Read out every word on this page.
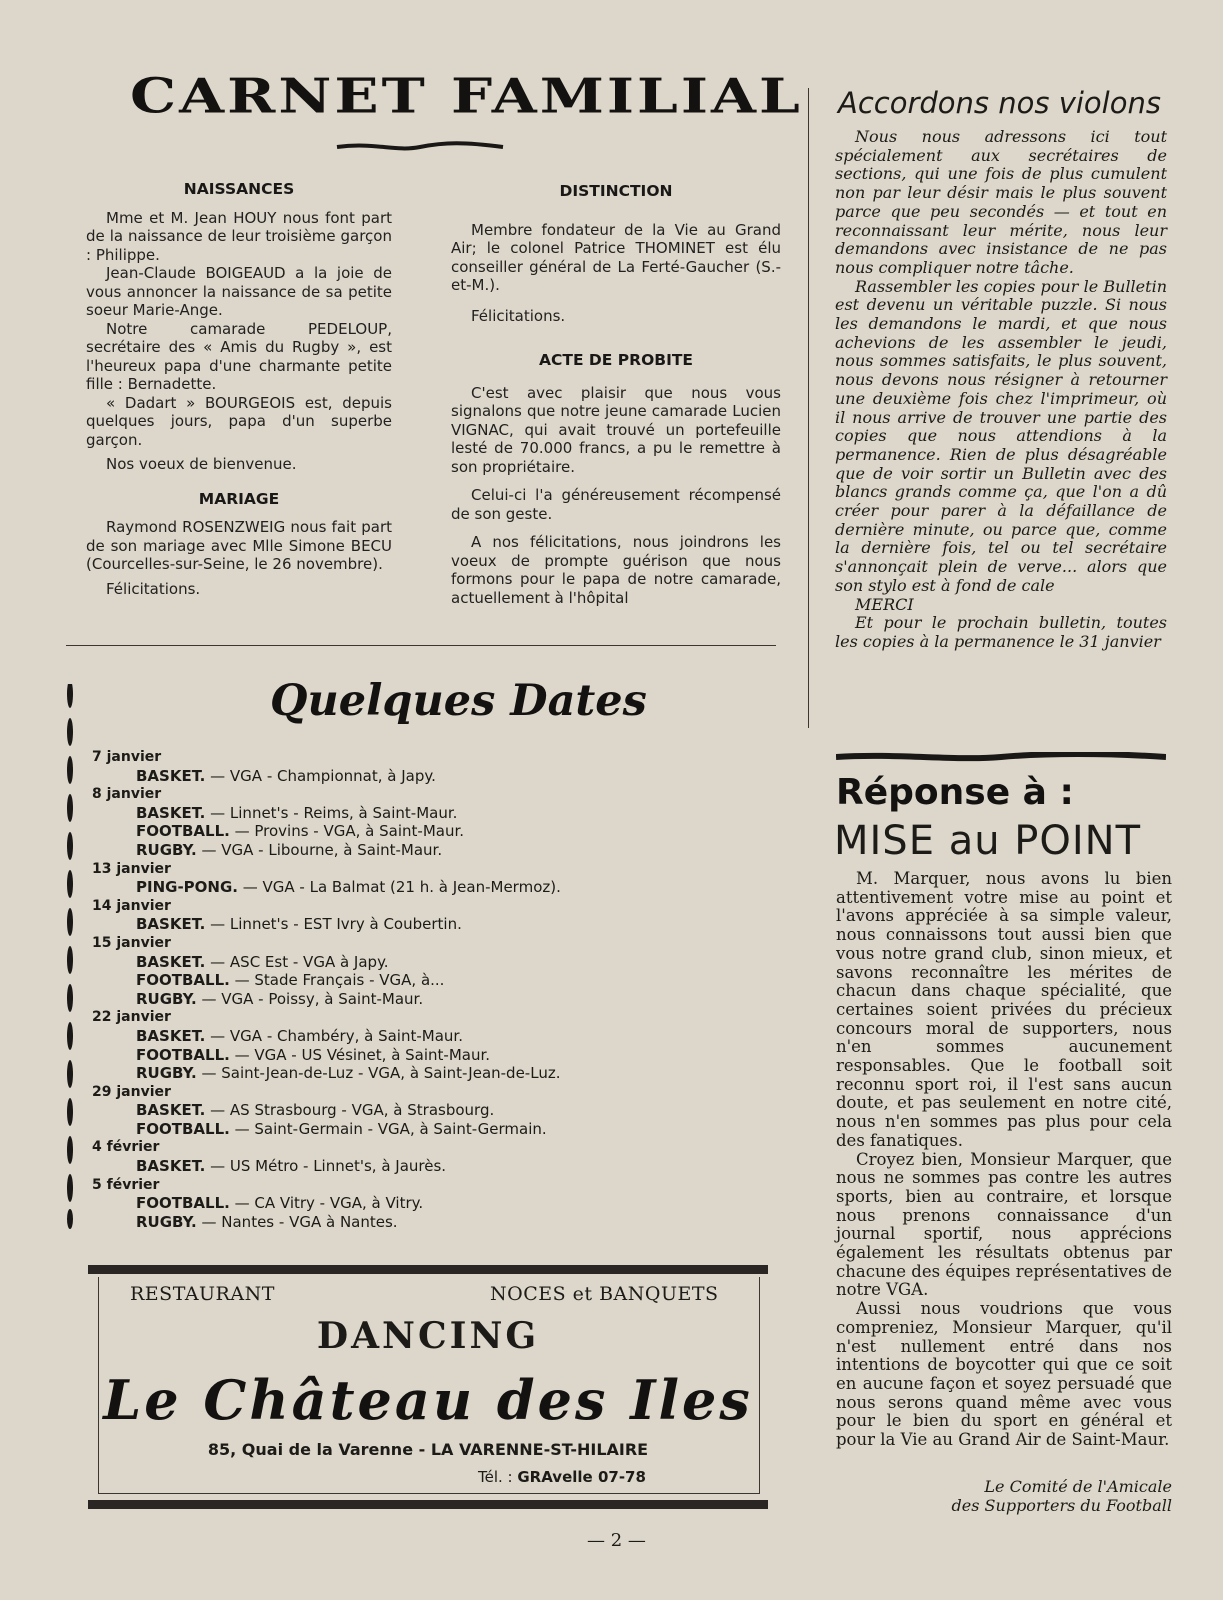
CARNET FAMILIAL
NAISSANCES

Mme et M. Jean HOUY nous font part de la naissance de leur troisième garçon : Philippe.

Jean-Claude BOIGEAUD a la joie de vous annoncer la naissance de sa petite soeur Marie-Ange.

Notre camarade PEDELOUP, secrétaire des « Amis du Rugby », est l'heureux papa d'une charmante petite fille : Bernadette.

« Dadart » BOURGEOIS est, depuis quelques jours, papa d'un superbe garçon.

Nos voeux de bienvenue.

MARIAGE

Raymond ROSENZWEIG nous fait part de son mariage avec Mlle Simone BECU (Courcelles-sur-Seine, le 26 novembre).

Félicitations.

DISTINCTION

Membre fondateur de la Vie au Grand Air; le colonel Patrice THOMINET est élu conseiller général de La Ferté-Gaucher (S.-et-M.).

Félicitations.

ACTE DE PROBITE

C'est avec plaisir que nous vous signalons que notre jeune camarade Lucien VIGNAC, qui avait trouvé un portefeuille lesté de 70.000 francs, a pu le remettre à son propriétaire.

Celui-ci l'a généreusement récompensé de son geste.

A nos félicitations, nous joindrons les voeux de prompte guérison que nous formons pour le papa de notre camarade, actuellement à l'hôpital

Quelques Dates
7 janvier
BASKET. — VGA - Championnat, à Japy.
8 janvier
BASKET. — Linnet's - Reims, à Saint-Maur.
FOOTBALL. — Provins - VGA, à Saint-Maur.
RUGBY. — VGA - Libourne, à Saint-Maur.
13 janvier
PING-PONG. — VGA - La Balmat (21 h. à Jean-Mermoz).
14 janvier
BASKET. — Linnet's - EST Ivry à Coubertin.
15 janvier
BASKET. — ASC Est - VGA à Japy.
FOOTBALL. — Stade Français - VGA, à...
RUGBY. — VGA - Poissy, à Saint-Maur.
22 janvier
BASKET. — VGA - Chambéry, à Saint-Maur.
FOOTBALL. — VGA - US Vésinet, à Saint-Maur.
RUGBY. — Saint-Jean-de-Luz - VGA, à Saint-Jean-de-Luz.
29 janvier
BASKET. — AS Strasbourg - VGA, à Strasbourg.
FOOTBALL. — Saint-Germain - VGA, à Saint-Germain.
4 février
BASKET. — US Métro - Linnet's, à Jaurès.
5 février
FOOTBALL. — CA Vitry - VGA, à Vitry.
RUGBY. — Nantes - VGA à Nantes.
RESTAURANT	NOCES et BANQUETS
DANCING
Le Château des Iles
85, Quai de la Varenne - LA VARENNE-ST-HILAIRE
Tél. : GRAvelle 07-78
— 2 —
Accordons nos violons

Nous nous adressons ici tout spécialement aux secrétaires de sections, qui une fois de plus cumulent non par leur désir mais le plus souvent parce que peu secondés — et tout en reconnaissant leur mérite, nous leur demandons avec insistance de ne pas nous compliquer notre tâche.

Rassembler les copies pour le Bulletin est devenu un véritable puzzle. Si nous les demandons le mardi, et que nous achevions de les assembler le jeudi, nous sommes satisfaits, le plus souvent, nous devons nous résigner à retourner une deuxième fois chez l'imprimeur, où il nous arrive de trouver une partie des copies que nous attendions à la permanence. Rien de plus désagréable que de voir sortir un Bulletin avec des blancs grands comme ça, que l'on a dû créer pour parer à la défaillance de dernière minute, ou parce que, comme la dernière fois, tel ou tel secrétaire s'annonçait plein de verve... alors que son stylo est à fond de cale

MERCI

Et pour le prochain bulletin, toutes les copies à la permanence le 31 janvier

Réponse à :
MISE au POINT

M. Marquer, nous avons lu bien attentivement votre mise au point et l'avons appréciée à sa simple valeur, nous connaissons tout aussi bien que vous notre grand club, sinon mieux, et savons reconnaître les mérites de chacun dans chaque spécialité, que certaines soient privées du précieux concours moral de supporters, nous n'en sommes aucunement responsables. Que le football soit reconnu sport roi, il l'est sans aucun doute, et pas seulement en notre cité, nous n'en sommes pas plus pour cela des fanatiques.

Croyez bien, Monsieur Marquer, que nous ne sommes pas contre les autres sports, bien au contraire, et lorsque nous prenons connaissance d'un journal sportif, nous apprécions également les résultats obtenus par chacune des équipes représentatives de notre VGA.

Aussi nous voudrions que vous compreniez, Monsieur Marquer, qu'il n'est nullement entré dans nos intentions de boycotter qui que ce soit en aucune façon et soyez persuadé que nous serons quand même avec vous pour le bien du sport en général et pour la Vie au Grand Air de Saint-Maur.

Le Comité de l'Amicale
des Supporters du Football
